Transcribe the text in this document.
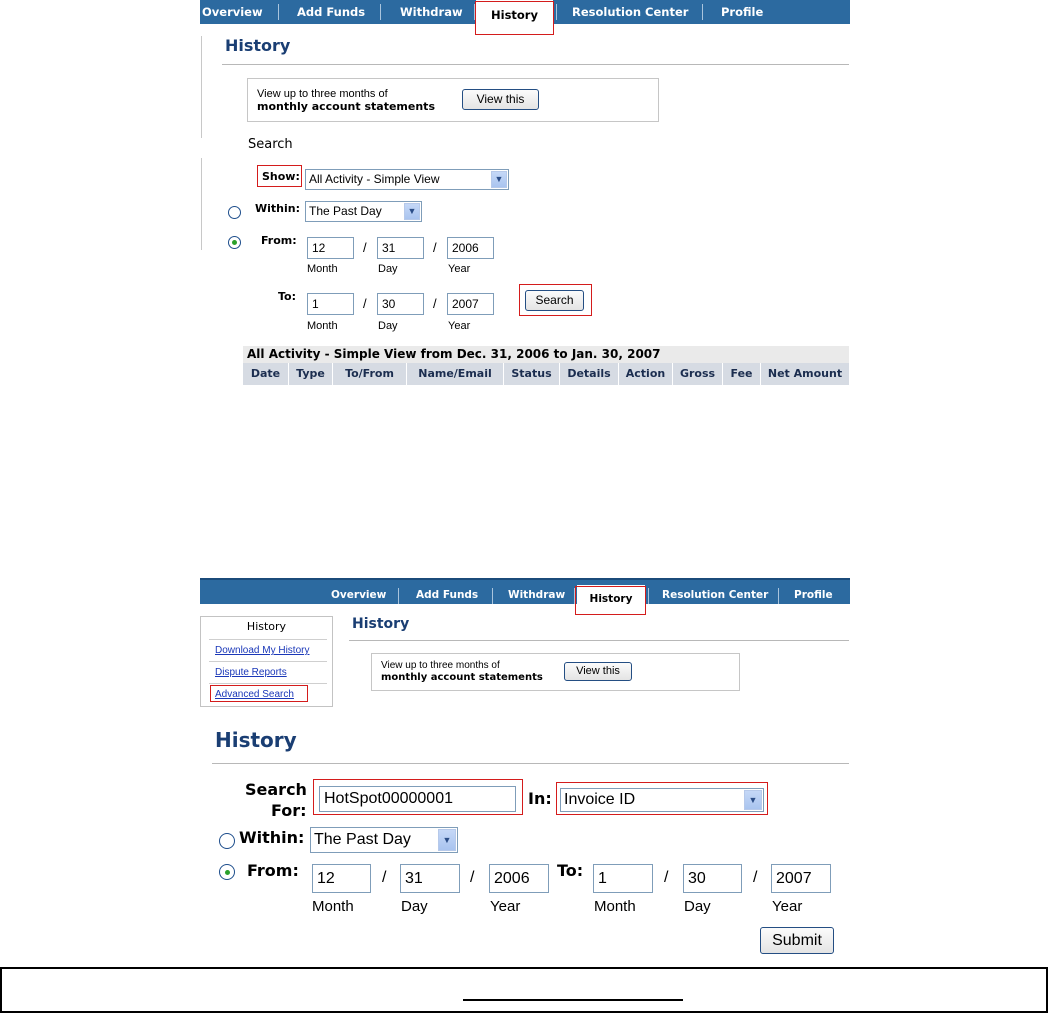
Overview	Add Funds	Withdraw	History	Resolution Center	Profile
History
View up to three months of
monthly account statements
View this
Search
Show: All Activity - Simple View	▼
Within: The Past Day	▼
From:
12	/	31	/	2006
Month	Day	Year
To:
1	/	30	/	2007
Month	Day	Year
Search
All Activity - Simple View from Dec. 31, 2006 to Jan. 30, 2007
Date	Type	To/From	Name/Email	Status	Details	Action	Gross	Fee	Net Amount
Overview	Add Funds	Withdraw	History	Resolution Center Profile
History
Download My History
Dispute Reports
Advanced Search
History
View up to three months of
monthly account statements
View this
History
Search
For:
HotSpot00000001	In: Invoice ID	▼
Within: The Past Day	▼
From:	12	/	31	/	2006
Month	Day	Year
To: 1	/	30	/	2007
Month	Day	Year
Submit
